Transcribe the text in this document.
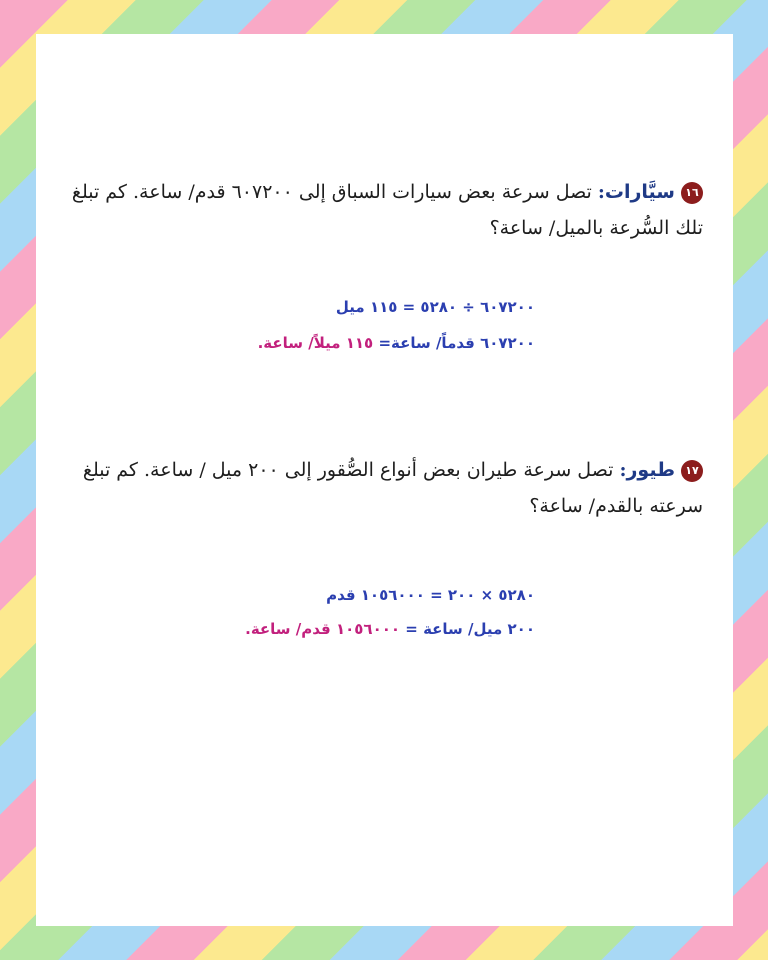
١٦سيَّارات:تصل سرعة بعض سيارات السباق إلى ٦٠٧٢٠٠ قدم/ ساعة. كم تبلغ تلك السُّرعة بالميل/ ساعة؟
٦٠٧٢٠٠ ÷ ٥٢٨٠ = ١١٥ ميل
٦٠٧٢٠٠ قدماً/ ساعة= ١١٥ ميلاً/ ساعة.
١٧طيور:تصل سرعة طيران بعض أنواع الصُّقور إلى ٢٠٠ ميل / ساعة. كم تبلغ سرعته بالقدم/ ساعة؟
٥٢٨٠ × ٢٠٠ = ١٠٥٦٠٠٠ قدم
٢٠٠ ميل/ ساعة = ١٠٥٦٠٠٠ قدم/ ساعة.
